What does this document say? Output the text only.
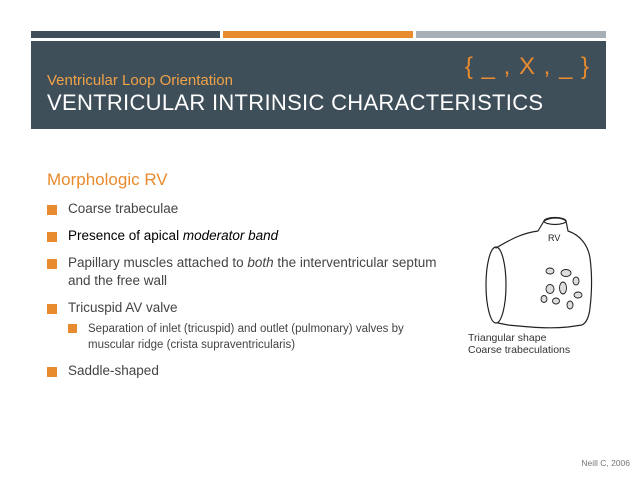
{ _ , X , _ }
Ventricular Loop Orientation
VENTRICULAR INTRINSIC CHARACTERISTICS
Morphologic RV
Coarse trabeculae
Presence of apical moderator band
Papillary muscles attached to both the interventricular septum and the free wall
Tricuspid AV valve
Separation of inlet (tricuspid) and outlet (pulmonary) valves by muscular ridge (crista supraventricularis)
Saddle-shaped
RV
Triangular shape
Coarse trabeculations
Neill C, 2006
